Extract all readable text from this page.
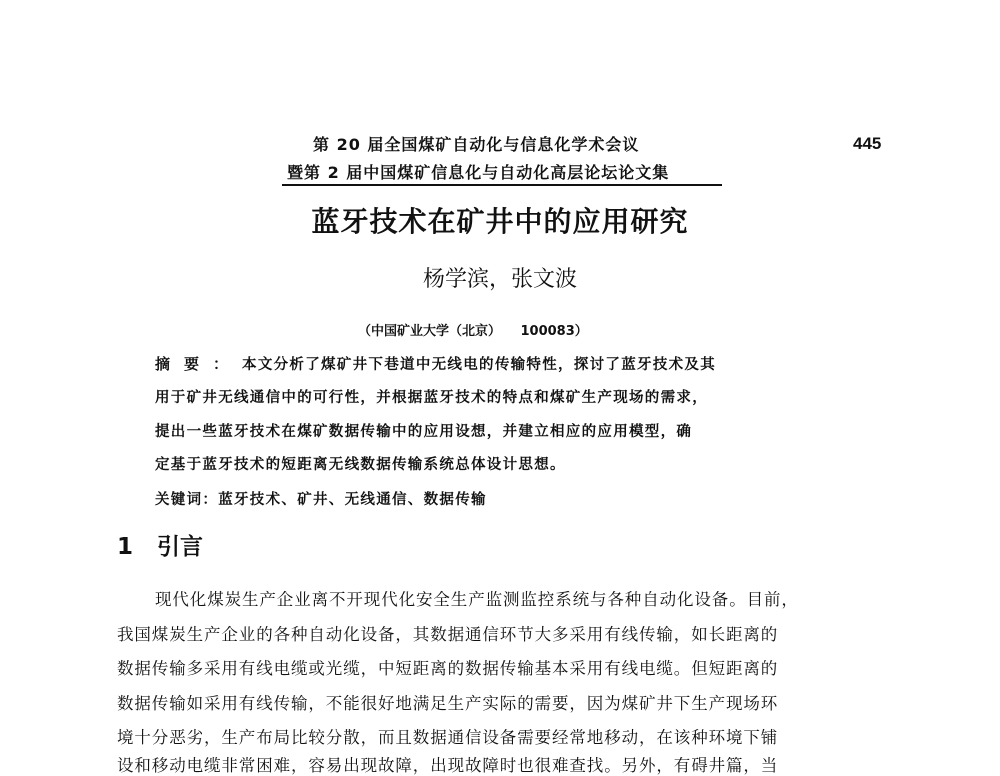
第 20 届全国煤矿自动化与信息化学术会议
暨第 2 届中国煤矿信息化与自动化高层论坛论文集
445
蓝牙技术在矿井中的应用研究
杨学滨，张文波
（中国矿业大学（北京）　　100083）
摘要：本文分析了煤矿井下巷道中无线电的传输特性，探讨了蓝牙技术及其
用于矿井无线通信中的可行性，并根据蓝牙技术的特点和煤矿生产现场的需求，
提出一些蓝牙技术在煤矿数据传输中的应用设想，并建立相应的应用模型，确
定基于蓝牙技术的短距离无线数据传输系统总体设计思想。
关键词：蓝牙技术、矿井、无线通信、数据传输
1 引言
现代化煤炭生产企业离不开现代化安全生产监测监控系统与各种自动化设备。目前，
我国煤炭生产企业的各种自动化设备，其数据通信环节大多采用有线传输，如长距离的
数据传输多采用有线电缆或光缆，中短距离的数据传输基本采用有线电缆。但短距离的
数据传输如采用有线传输，不能很好地满足生产实际的需要，因为煤矿井下生产现场环
境十分恶劣，生产布局比较分散，而且数据通信设备需要经常地移动，在该种环境下铺
设和移动电缆非常困难，容易出现故障，出现故障时也很难查找。另外，有碍井篇，当
